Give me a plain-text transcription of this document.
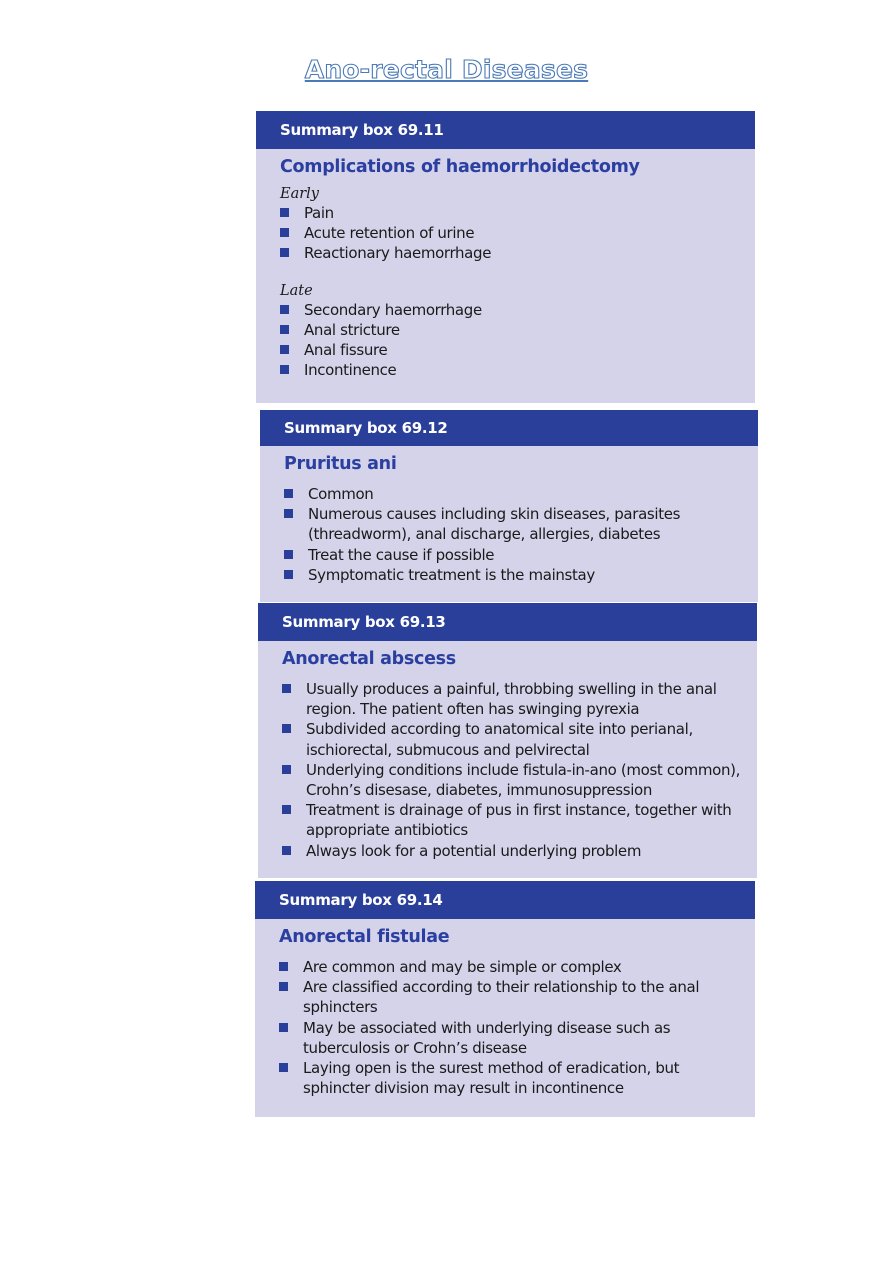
Ano-rectal Diseases
Summary box 69.11
Complications of haemorrhoidectomy
Early
Pain
Acute retention of urine
Reactionary haemorrhage
Late
Secondary haemorrhage
Anal stricture
Anal fissure
Incontinence
Summary box 69.12
Pruritus ani
Common
Numerous causes including skin diseases, parasites (threadworm), anal discharge, allergies, diabetes
Treat the cause if possible
Symptomatic treatment is the mainstay
Summary box 69.13
Anorectal abscess
Usually produces a painful, throbbing swelling in the anal region. The patient often has swinging pyrexia
Subdivided according to anatomical site into perianal, ischiorectal, submucous and pelvirectal
Underlying conditions include fistula-in-ano (most common), Crohn’s disesase, diabetes, immunosuppression
Treatment is drainage of pus in first instance, together with appropriate antibiotics
Always look for a potential underlying problem
Summary box 69.14
Anorectal fistulae
Are common and may be simple or complex
Are classified according to their relationship to the anal sphincters
May be associated with underlying disease such as tuberculosis or Crohn’s disease
Laying open is the surest method of eradication, but sphincter division may result in incontinence
